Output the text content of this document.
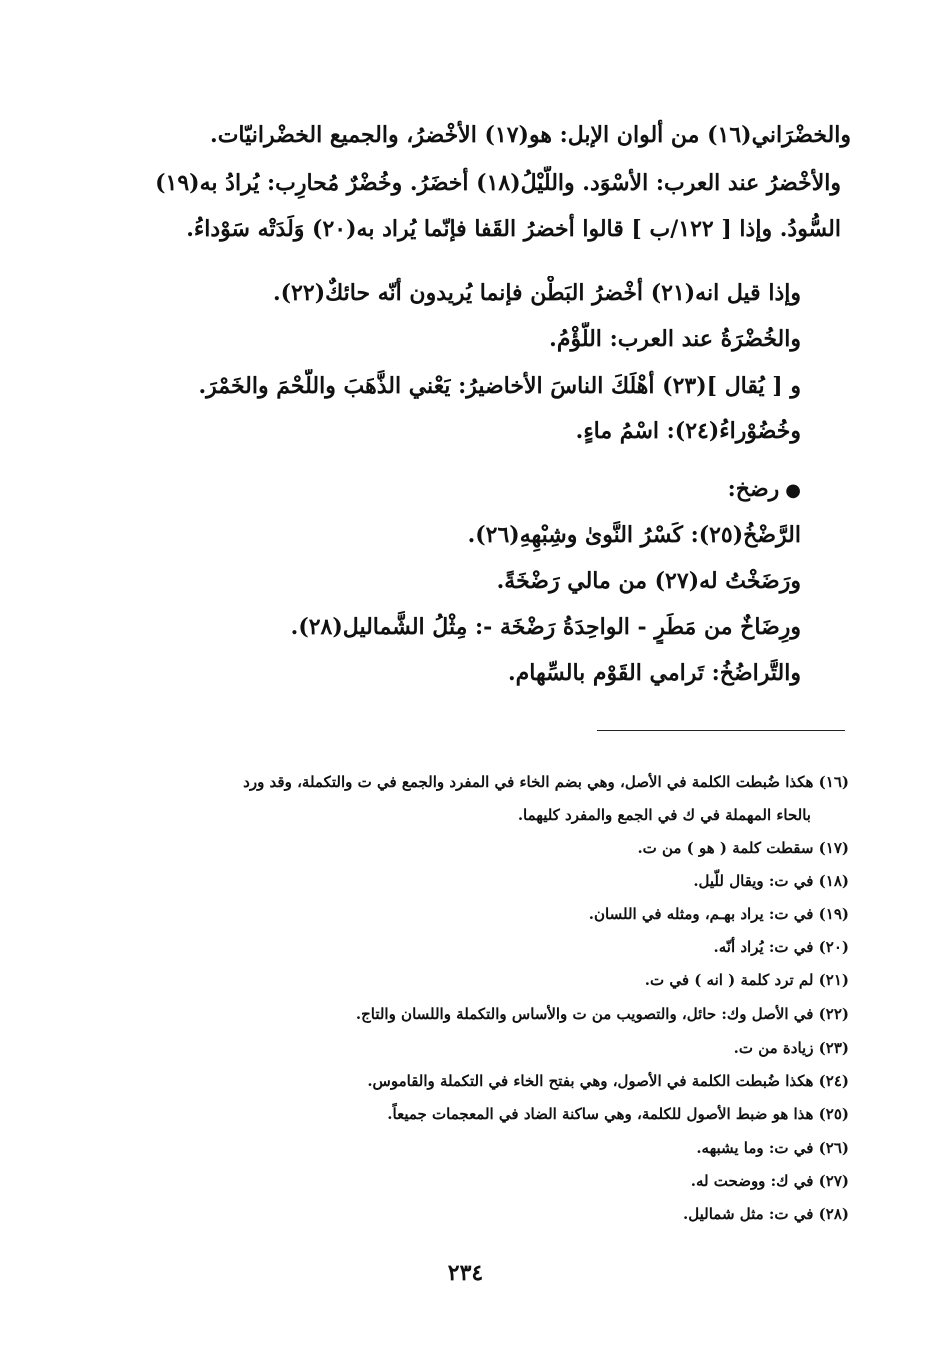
والخضْرَاني(١٦) من ألوان الإبل: هو(١٧) الأخْضرُ، والجميع الخضْرانيّات.
والأخْضرُ عند العرب: الأسْوَد. واللّيْلُ(١٨) أخضَرُ. وخُضْرٌ مُحارِب: يُرادُ به(١٩)
السُّودُ. وإذا [ ١٢٢/ب ] قالوا أخضرُ القَفا فإنّما يُراد به(٢٠) وَلَدَتْه سَوْداءُ.
وإذا قيل انه(٢١) أخْضرُ البَطْن فإنما يُريدون أنّه حائكٌ(٢٢).
والخُضْرَةُ عند العرب: اللُّؤْمُ.
و [ يُقال ](٢٣) أهْلَكَ الناسَ الأخاضيرُ: يَعْني الذَّهَبَ واللَّحْمَ والخَمْرَ.
وخُضُوْراءُ(٢٤): اسْمُ ماءٍ.
●رضخ:
الرَّضْخُ(٢٥): كَسْرُ النَّوىٰ وشِبْهِهِ(٢٦).
ورَضَخْتُ له(٢٧) من مالي رَضْخَةً.
ورِضَاخٌ من مَطَرٍ - الواحِدَةُ رَضْخَة -: مِثْلُ الشَّماليل(٢٨).
والتَّراضُخُ: تَرامي القَوْم بالسِّهام.
(١٦) هكذا ضُبطت الكلمة في الأصل، وهي بضم الخاء في المفرد والجمع في ت والتكملة، وقد ورد
بالحاء المهملة في ك في الجمع والمفرد كليهما.
(١٧) سقطت كلمة ( هو ) من ت.
(١٨) في ت: ويقال للّيل.
(١٩) في ت: يراد بهـم، ومثله في اللسان.
(٢٠) في ت: يُراد أنّه.
(٢١) لم ترد كلمة ( انه ) في ت.
(٢٢) في الأصل وك: حائل، والتصويب من ت والأساس والتكملة واللسان والتاج.
(٢٣) زيادة من ت.
(٢٤) هكذا ضُبطت الكلمة في الأصول، وهي بفتح الخاء في التكملة والقاموس.
(٢٥) هذا هو ضبط الأصول للكلمة، وهي ساكنة الضاد في المعجمات جميعاً.
(٢٦) في ت: وما يشبهه.
(٢٧) في ك: ووضحت له.
(٢٨) في ت: مثل شماليل.
٢٣٤
